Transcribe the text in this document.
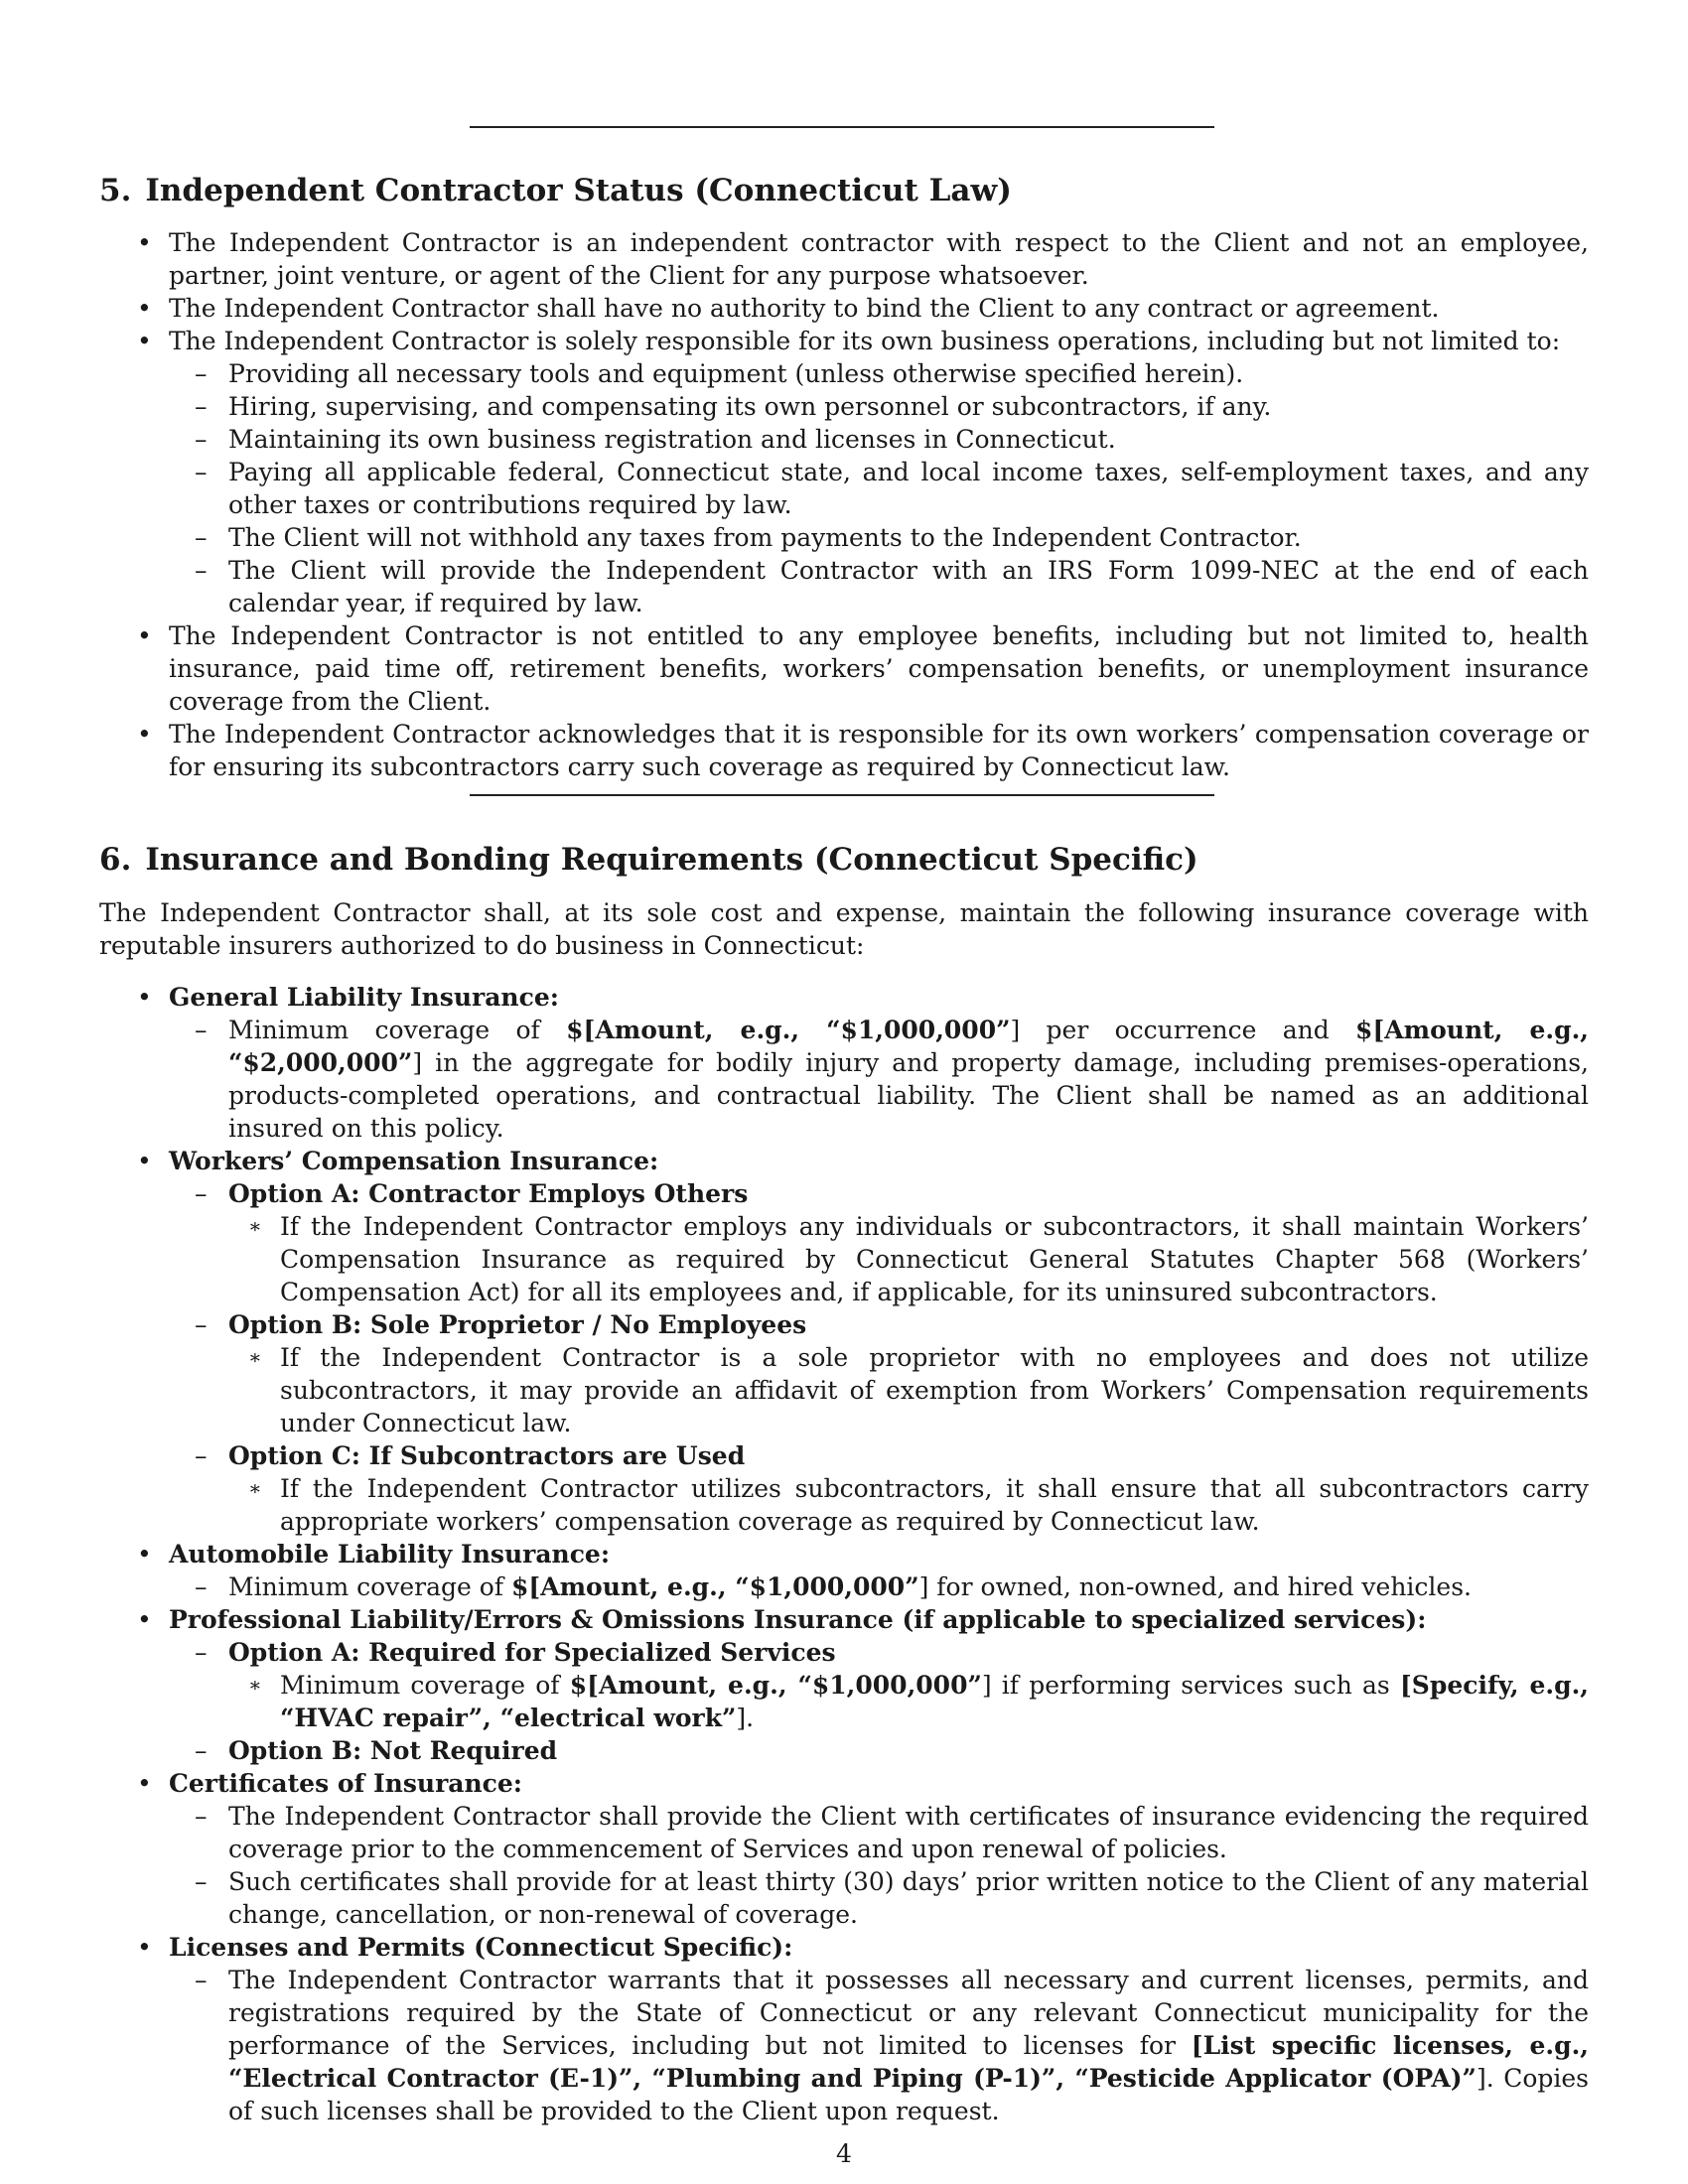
5. Independent Contractor Status (Connecticut Law)
• The Independent Contractor is an independent contractor with respect to the Client and not an employee, partner, joint venture, or agent of the Client for any purpose whatsoever.
• The Independent Contractor shall have no authority to bind the Client to any contract or agreement.
• The Independent Contractor is solely responsible for its own business operations, including but not limited to:
– Providing all necessary tools and equipment (unless otherwise specified herein).
– Hiring, supervising, and compensating its own personnel or subcontractors, if any.
– Maintaining its own business registration and licenses in Connecticut.
– Paying all applicable federal, Connecticut state, and local income taxes, self-employment taxes, and any other taxes or contributions required by law.
– The Client will not withhold any taxes from payments to the Independent Contractor.
– The Client will provide the Independent Contractor with an IRS Form 1099-NEC at the end of each calendar year, if required by law.
• The Independent Contractor is not entitled to any employee benefits, including but not limited to, health insurance, paid time off, retirement benefits, workers’ compensation benefits, or unemployment insurance coverage from the Client.
• The Independent Contractor acknowledges that it is responsible for its own workers’ compensation coverage or for ensuring its subcontractors carry such coverage as required by Connecticut law.
6. Insurance and Bonding Requirements (Connecticut Specific)

The Independent Contractor shall, at its sole cost and expense, maintain the following insurance coverage with reputable insurers authorized to do business in Connecticut:

• General Liability Insurance:
– Minimum coverage of $[Amount, e.g., “$1,000,000”] per occurrence and $[Amount, e.g., “$2,000,000”] in the aggregate for bodily injury and property damage, including premises-operations, products-completed operations, and contractual liability. The Client shall be named as an additional insured on this policy.
• Workers’ Compensation Insurance:
– Option A: Contractor Employs Others
∗ If the Independent Contractor employs any individuals or subcontractors, it shall maintain Workers’ Compensation Insurance as required by Connecticut General Statutes Chapter 568 (Workers’ Compensation Act) for all its employees and, if applicable, for its uninsured subcontractors.
– Option B: Sole Proprietor / No Employees
∗ If the Independent Contractor is a sole proprietor with no employees and does not utilize subcontractors, it may provide an affidavit of exemption from Workers’ Compensation requirements under Connecticut law.
– Option C: If Subcontractors are Used
∗ If the Independent Contractor utilizes subcontractors, it shall ensure that all subcontractors carry appropriate workers’ compensation coverage as required by Connecticut law.
• Automobile Liability Insurance:
– Minimum coverage of $[Amount, e.g., “$1,000,000”] for owned, non-owned, and hired vehicles.
• Professional Liability/Errors & Omissions Insurance (if applicable to specialized services):
– Option A: Required for Specialized Services
∗ Minimum coverage of $[Amount, e.g., “$1,000,000”] if performing services such as [Specify, e.g., “HVAC repair”, “electrical work”].
– Option B: Not Required
• Certificates of Insurance:
– The Independent Contractor shall provide the Client with certificates of insurance evidencing the required coverage prior to the commencement of Services and upon renewal of policies.
– Such certificates shall provide for at least thirty (30) days’ prior written notice to the Client of any material change, cancellation, or non-renewal of coverage.
• Licenses and Permits (Connecticut Specific):
– The Independent Contractor warrants that it possesses all necessary and current licenses, permits, and registrations required by the State of Connecticut or any relevant Connecticut municipality for the performance of the Services, including but not limited to licenses for [List specific licenses, e.g., “Electrical Contractor (E-1)”, “Plumbing and Piping (P-1)”, “Pesticide Applicator (OPA)”]. Copies of such licenses shall be provided to the Client upon request.
4
